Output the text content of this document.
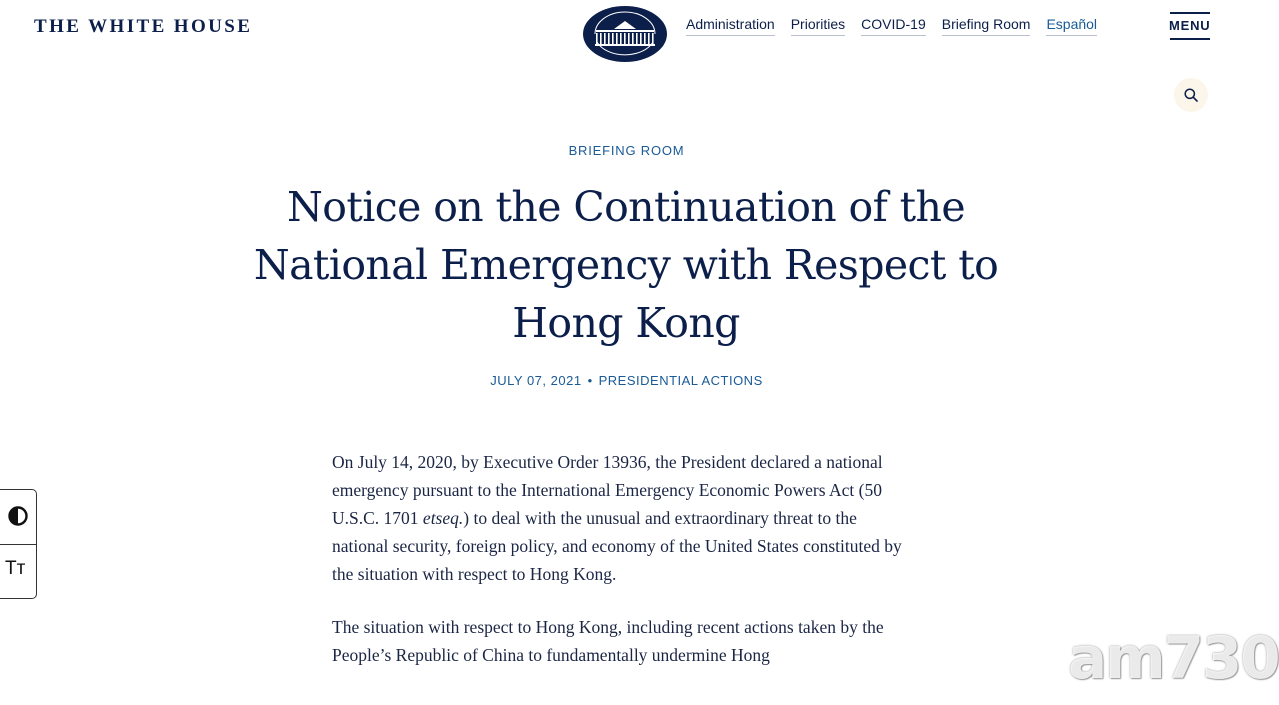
THE WHITE HOUSE	Administration Priorities COVID-19 Briefing Room Español	MENU
BRIEFING ROOM
Notice on the Continuation of the National Emergency with Respect to Hong Kong
JULY 07, 2021 • PRESIDENTIAL ACTIONS

On July 14, 2020, by Executive Order 13936, the President declared a national emergency pursuant to the International Emergency Economic Powers Act (50 U.S.C. 1701 etseq.) to deal with the unusual and extraordinary threat to the national security, foreign policy, and economy of the United States constituted by the situation with respect to Hong Kong.

The situation with respect to Hong Kong, including recent actions taken by the People’s Republic of China to fundamentally undermine Hong

Tт
am730
